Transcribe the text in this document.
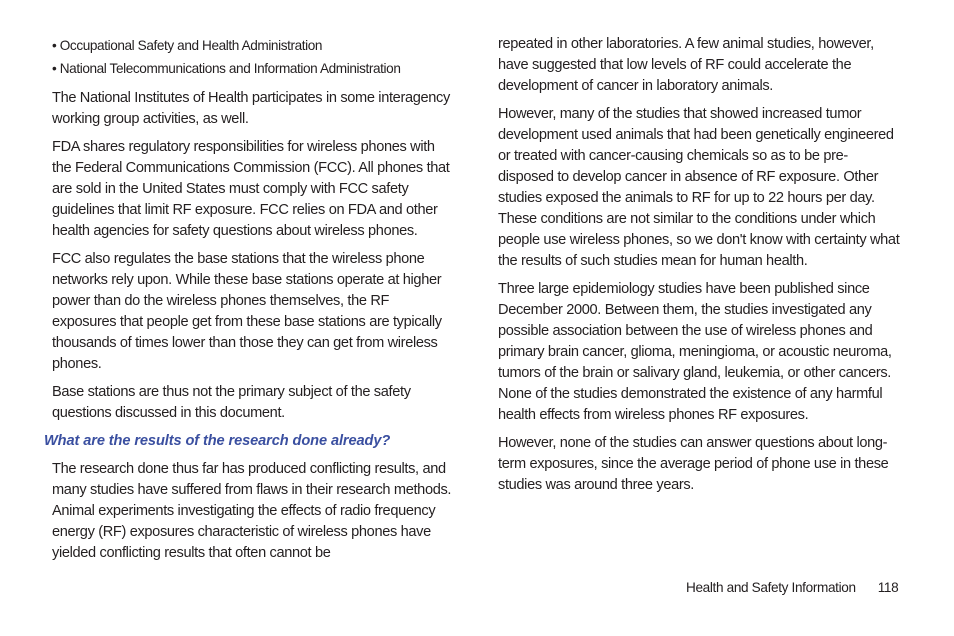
• Occupational Safety and Health Administration
• National Telecommunications and Information Administration

The National Institutes of Health participates in some interagency working group activities, as well.

FDA shares regulatory responsibilities for wireless phones with the Federal Communications Commission (FCC). All phones that are sold in the United States must comply with FCC safety guidelines that limit RF exposure. FCC relies on FDA and other health agencies for safety questions about wireless phones.

FCC also regulates the base stations that the wireless phone networks rely upon. While these base stations operate at higher power than do the wireless phones themselves, the RF exposures that people get from these base stations are typically thousands of times lower than those they can get from wireless phones.

Base stations are thus not the primary subject of the safety questions discussed in this document.

What are the results of the research done already?

The research done thus far has produced conflicting results, and many studies have suffered from flaws in their research methods. Animal experiments investigating the effects of radio frequency energy (RF) exposures characteristic of wireless phones have yielded conflicting results that often cannot be

repeated in other laboratories. A few animal studies, however, have suggested that low levels of RF could accelerate the development of cancer in laboratory animals.

However, many of the studies that showed increased tumor development used animals that had been genetically engineered or treated with cancer-causing chemicals so as to be pre-disposed to develop cancer in absence of RF exposure. Other studies exposed the animals to RF for up to 22 hours per day. These conditions are not similar to the conditions under which people use wireless phones, so we don't know with certainty what the results of such studies mean for human health.

Three large epidemiology studies have been published since December 2000. Between them, the studies investigated any possible association between the use of wireless phones and primary brain cancer, glioma, meningioma, or acoustic neuroma, tumors of the brain or salivary gland, leukemia, or other cancers. None of the studies demonstrated the existence of any harmful health effects from wireless phones RF exposures.

However, none of the studies can answer questions about long-term exposures, since the average period of phone use in these studies was around three years.

Health and Safety Information 118
